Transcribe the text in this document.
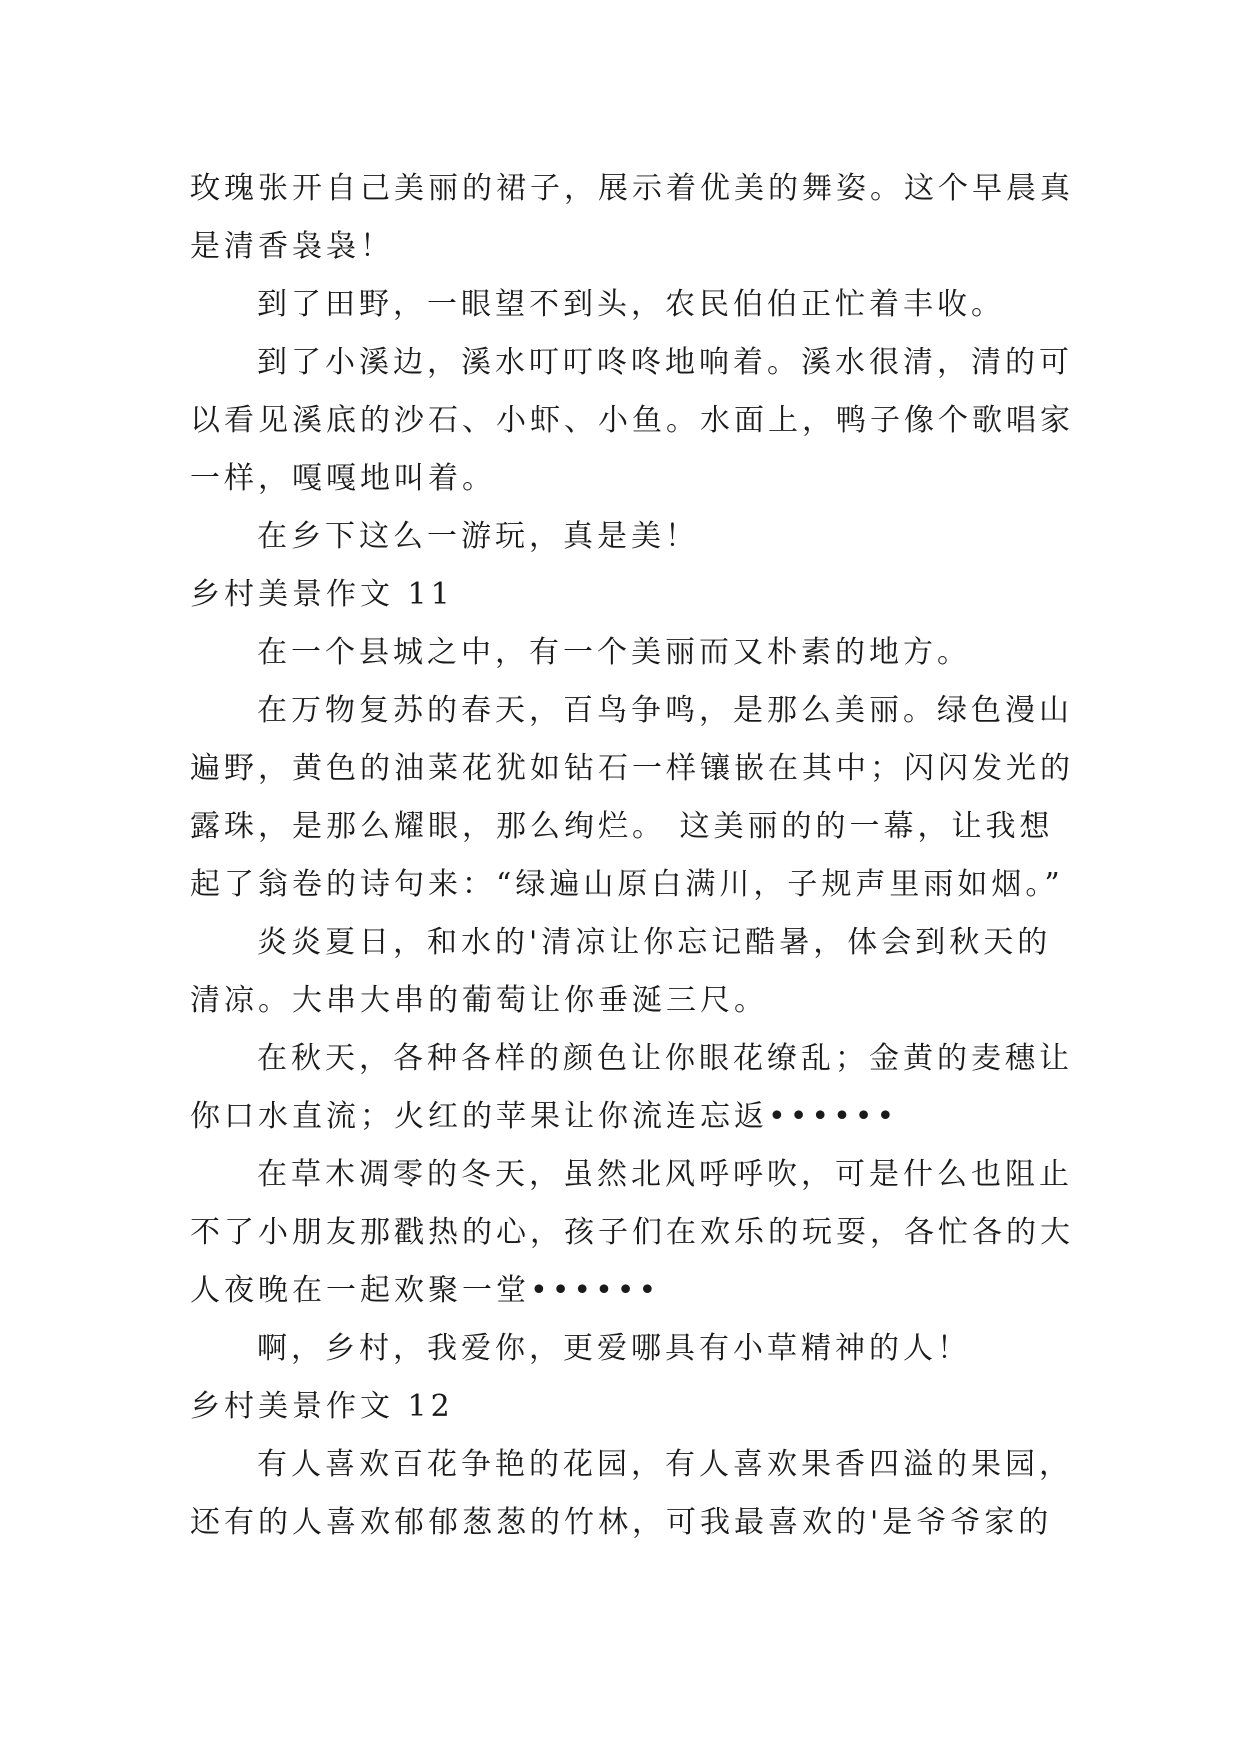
玫瑰张开自己美丽的裙子，展示着优美的舞姿。这个早晨真
是清香袅袅！
到了田野，一眼望不到头，农民伯伯正忙着丰收。
到了小溪边，溪水叮叮咚咚地响着。溪水很清，清的可
以看见溪底的沙石、小虾、小鱼。水面上，鸭子像个歌唱家
一样，嘎嘎地叫着。
在乡下这么一游玩，真是美！
乡村美景作文 11
在一个县城之中，有一个美丽而又朴素的地方。
在万物复苏的春天，百鸟争鸣，是那么美丽。绿色漫山
遍野，黄色的油菜花犹如钻石一样镶嵌在其中；闪闪发光的
露珠，是那么耀眼，那么绚烂。 这美丽的的一幕，让我想
起了翁卷的诗句来：“绿遍山原白满川，子规声里雨如烟。”
炎炎夏日，和水的'清凉让你忘记酷暑，体会到秋天的
清凉。大串大串的葡萄让你垂涎三尺。
在秋天，各种各样的颜色让你眼花缭乱；金黄的麦穗让
你口水直流；火红的苹果让你流连忘返••••••
在草木凋零的冬天，虽然北风呼呼吹，可是什么也阻止
不了小朋友那戳热的心，孩子们在欢乐的玩耍，各忙各的大
人夜晚在一起欢聚一堂••••••
啊，乡村，我爱你，更爱哪具有小草精神的人！
乡村美景作文 12
有人喜欢百花争艳的花园，有人喜欢果香四溢的果园，
还有的人喜欢郁郁葱葱的竹林，可我最喜欢的'是爷爷家的
